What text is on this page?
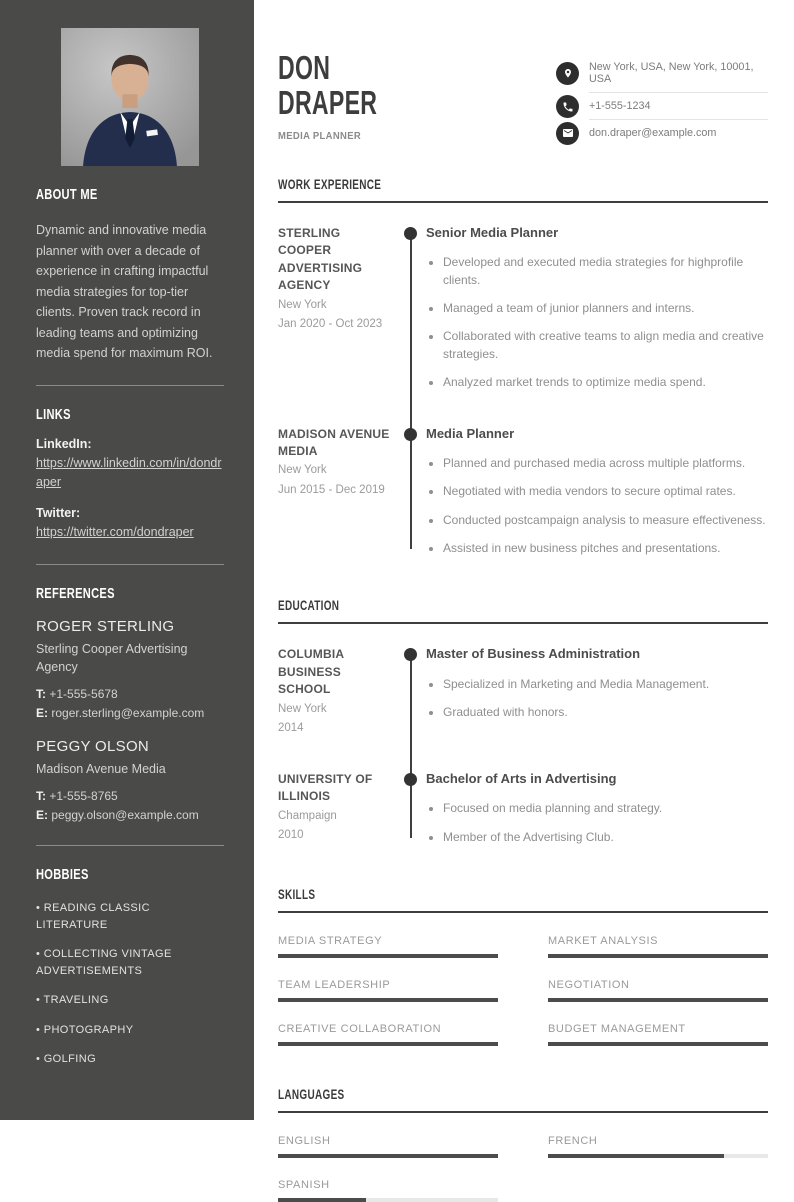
ABOUT ME

Dynamic and innovative media planner with over a decade of experience in crafting impactful media strategies for top-tier clients. Proven track record in leading teams and optimizing media spend for maximum ROI.

LINKS
LinkedIn:
https://www.linkedin.com/in/dondraper
Twitter:
https://twitter.com/dondraper
REFERENCES
ROGER STERLING
Sterling Cooper Advertising Agency
T: +1-555-5678
E: roger.sterling@example.com
PEGGY OLSON
Madison Avenue Media
T: +1-555-8765
E: peggy.olson@example.com
HOBBIES
• READING CLASSIC LITERATURE
• COLLECTING VINTAGE ADVERTISEMENTS
• TRAVELING
• PHOTOGRAPHY
• GOLFING
DON
DRAPER
MEDIA PLANNER
New York, USA, New York, 10001, USA
+1-555-1234
don.draper@example.com
WORK EXPERIENCE
STERLING COOPER ADVERTISING AGENCY
New York
Jan 2020 - Oct 2023
Senior Media Planner
• Developed and executed media strategies for highprofile clients.
• Managed a team of junior planners and interns.
• Collaborated with creative teams to align media and creative strategies.
• Analyzed market trends to optimize media spend.
MADISON AVENUE MEDIA
New York
Jun 2015 - Dec 2019
Media Planner
• Planned and purchased media across multiple platforms.
• Negotiated with media vendors to secure optimal rates.
• Conducted postcampaign analysis to measure effectiveness.
• Assisted in new business pitches and presentations.
EDUCATION
COLUMBIA BUSINESS SCHOOL
New York
2014
Master of Business Administration
• Specialized in Marketing and Media Management.
• Graduated with honors.
UNIVERSITY OF ILLINOIS
Champaign
2010
Bachelor of Arts in Advertising
• Focused on media planning and strategy.
• Member of the Advertising Club.
SKILLS
MEDIA STRATEGY	MARKET ANALYSIS
TEAM LEADERSHIP	NEGOTIATION
CREATIVE COLLABORATION	BUDGET MANAGEMENT
LANGUAGES
ENGLISH	FRENCH
SPANISH
